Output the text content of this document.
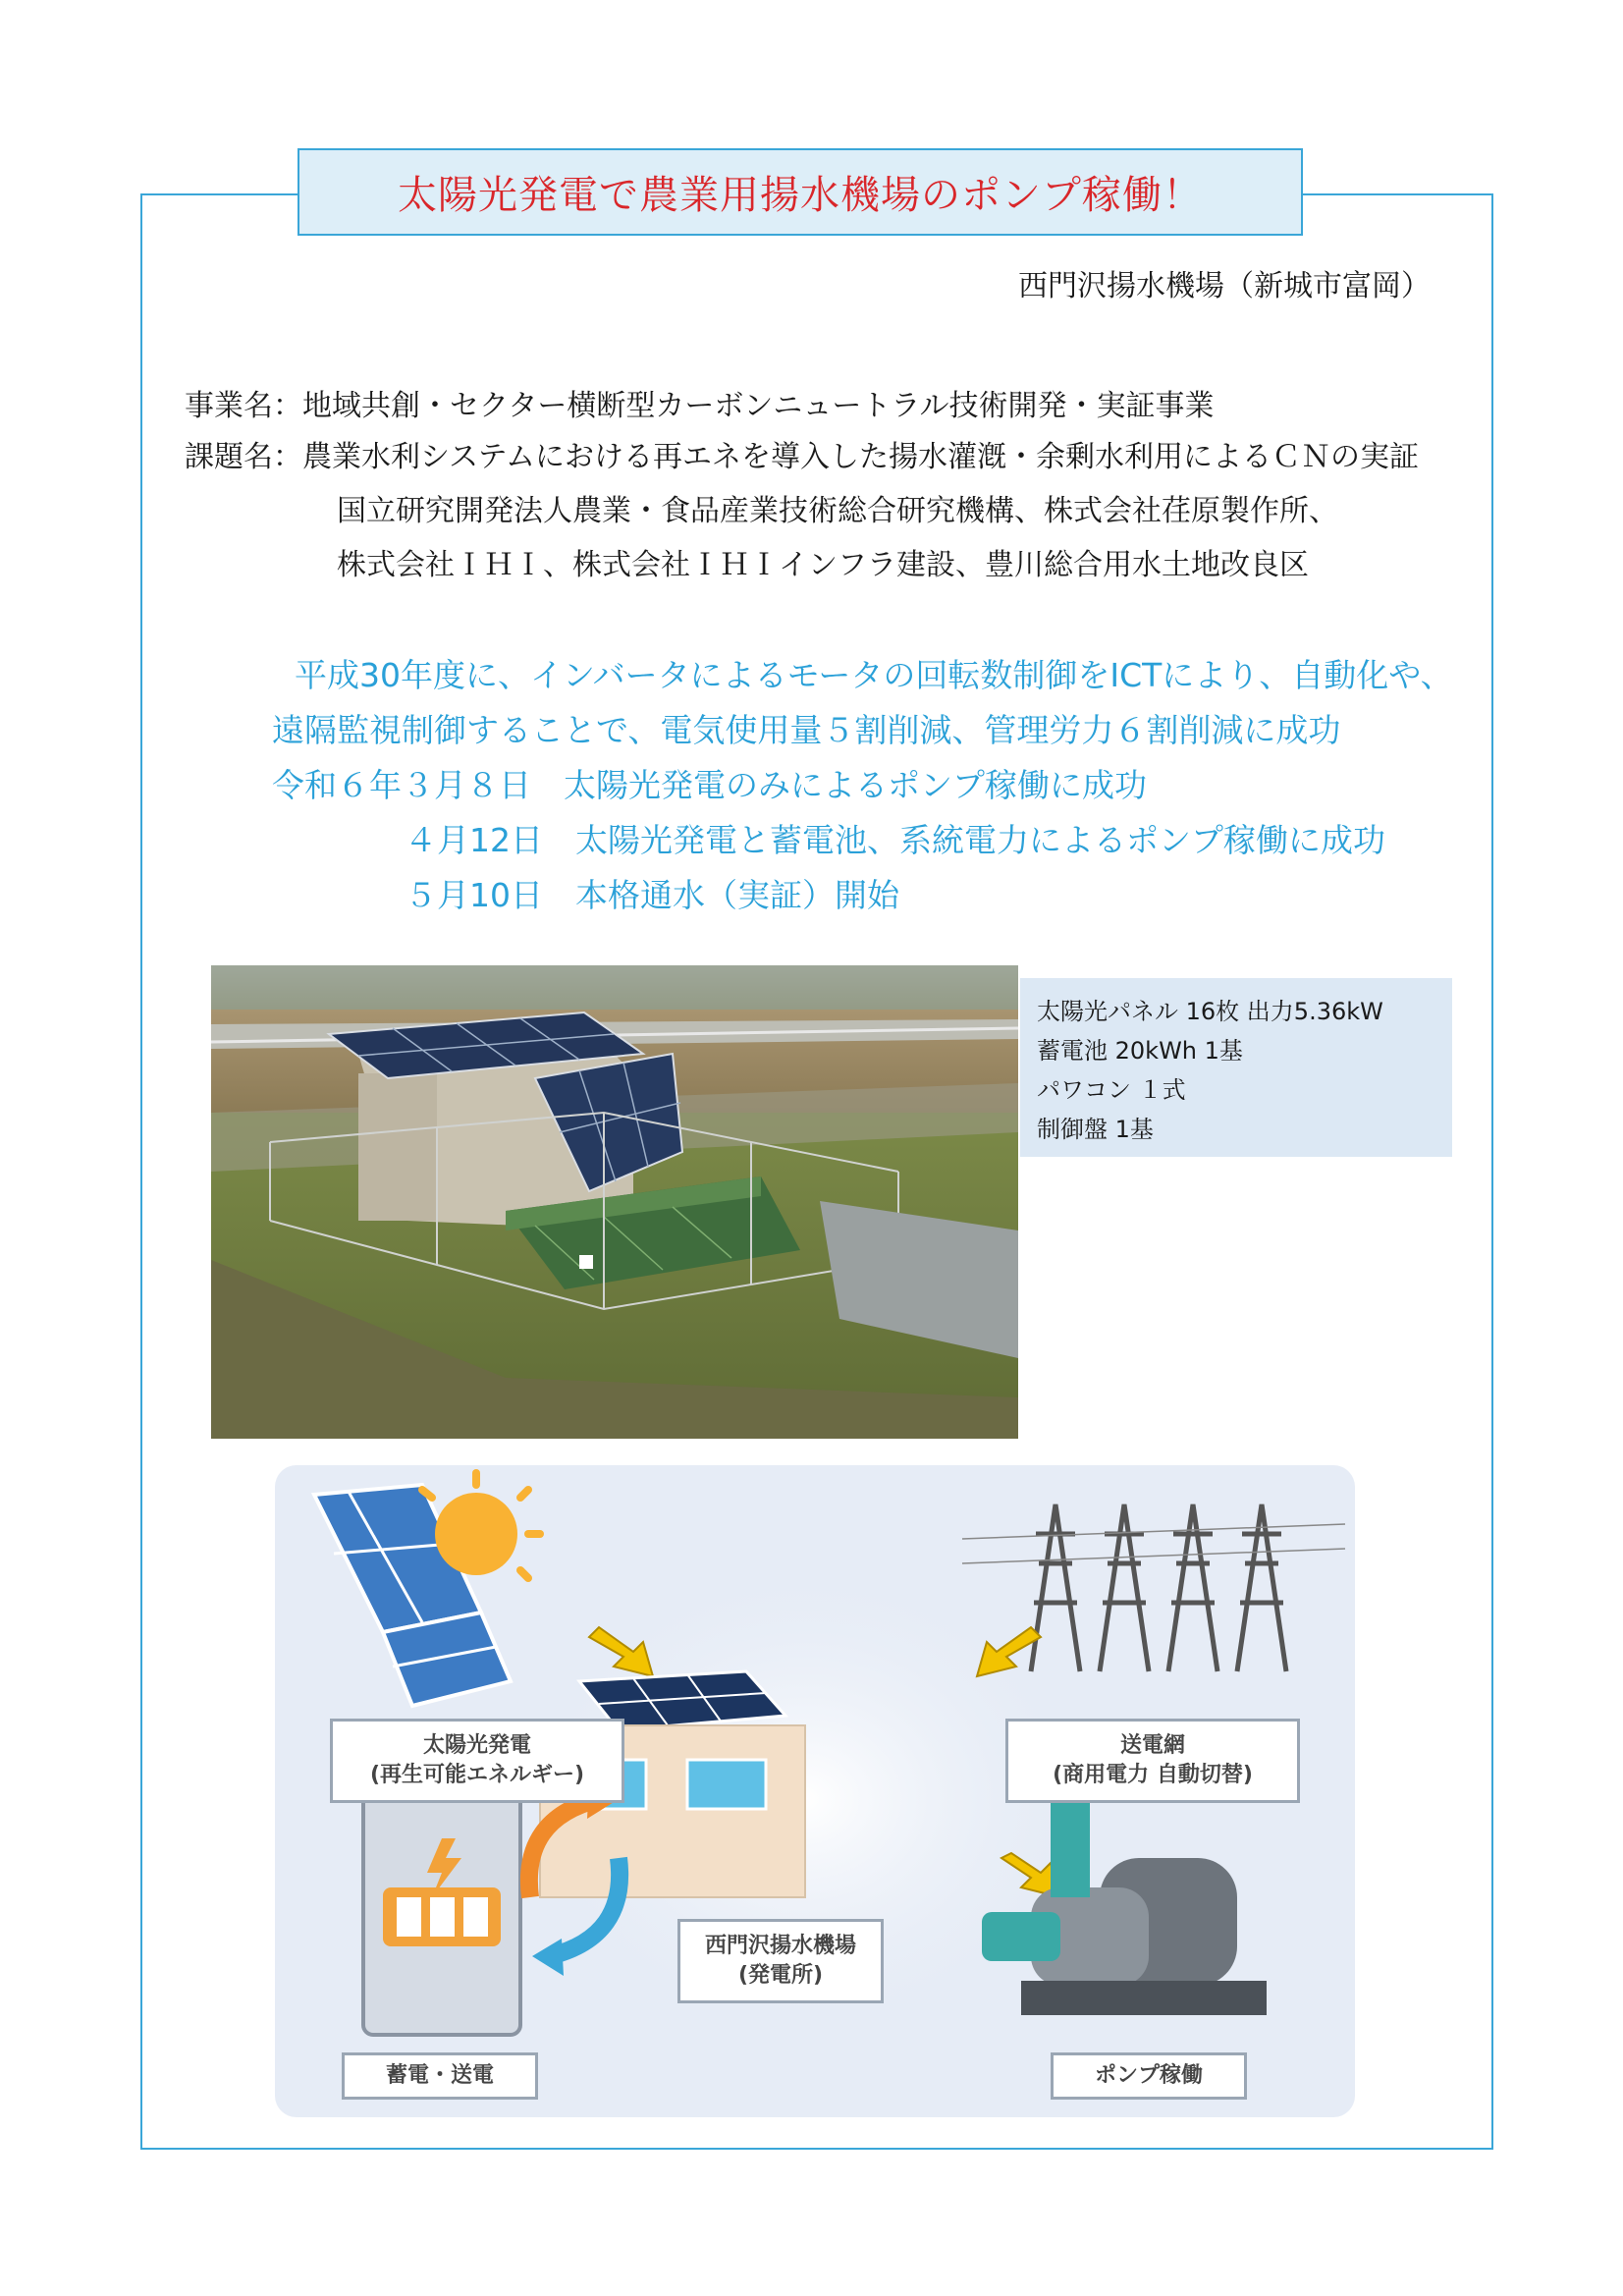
太陽光発電で農業用揚水機場のポンプ稼働！
西門沢揚水機場（新城市富岡）
事業名：地域共創・セクター横断型カーボンニュートラル技術開発・実証事業
課題名：農業水利システムにおける再エネを導入した揚水灌漑・余剰水利用によるＣＮの実証
国立研究開発法人農業・食品産業技術総合研究機構、株式会社荏原製作所、
株式会社ＩＨＩ、株式会社ＩＨＩインフラ建設、豊川総合用水土地改良区
平成30年度に、インバータによるモータの回転数制御をICTにより、自動化や、
遠隔監視制御することで、電気使用量５割削減、管理労力６割削減に成功
令和６年３月８日　太陽光発電のみによるポンプ稼働に成功
４月12日　太陽光発電と蓄電池、系統電力によるポンプ稼働に成功
５月10日　本格通水（実証）開始
太陽光パネル 16枚 出力5.36kW
蓄電池 20kWh 1基
パワコン １式
制御盤 1基
太陽光発電
(再生可能エネルギー)
送電網
(商用電力 自動切替)
西門沢揚水機場
(発電所)
蓄電・送電	ポンプ稼働
